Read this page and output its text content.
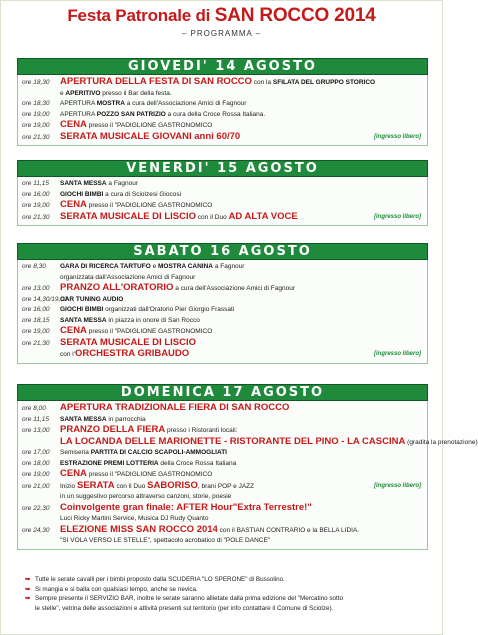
Festa Patronale di SAN ROCCO 2014
– PROGRAMMA –
GIOVEDI' 14 AGOSTO
ore 18,30 APERTURA DELLA FESTA DI SAN ROCCO con la SFILATA DEL GRUPPO STORICO
e APERITIVO presso il Bar della festa.
ore 18,30 APERTURA MOSTRA a cura dell'Associazione Amici di Fagnour
ore 19,00 APERTURA POZZO SAN PATRIZIO a cura della Croce Rossa Italiana.
ore 19,00 CENA presso il "PADIGLIONE GASTRONOMICO
ore 21,30 SERATA MUSICALE GIOVANI anni 60/70	[ingresso libero]
VENERDI' 15 AGOSTO
ore 11,15 SANTA MESSA a Fagnour
ore 16,00 GIOCHI BIMBI a cura di Sciolzesi Giocosi
ore 19,00 CENA presso il "PADIGLIONE GASTRONOMICO
ore 21,30 SERATA MUSICALE DI LISCIO con il Duo AD ALTA VOCE	[ingresso libero]
SABATO 16 AGOSTO
ore 8,30 GARA DI RICERCA TARTUFO e MOSTRA CANINA a Fagnour
organizzata dall'Associazione Amici di Fagnour
ore 13,00 PRANZO ALL'ORATORIO a cura dell'Associazione Amici di Fagnour
ore 14,30/19,00CAR TUNING AUDIO
ore 16,00 GIOCHI BIMBI organizzati dall'Oratorio Pier Giorgio Frassati
ore 18,15 SANTA MESSA in piazza in onore di San Rocco
ore 19,00 CENA presso il "PADIGLIONE GASTRONOMICO
ore 21,30 SERATA MUSICALE DI LISCIO
con l'ORCHESTRA GRIBAUDO	[ingresso libero]
DOMENICA 17 AGOSTO
ore 8,00 APERTURA TRADIZIONALE FIERA DI SAN ROCCO
ore 11,15 SANTA MESSA in parrocchia
ore 13,00 PRANZO DELLA FIERA presso i Ristoranti locali:
LA LOCANDA DELLE MARIONETTE - RISTORANTE DEL PINO - LA CASCINA (gradita la prenotazione)
ore 17,00 Semiseria PARTITA DI CALCIO SCAPOLI-AMMOGLIATI
ore 18,00 ESTRAZIONE PREMI LOTTERIA della Croce Rossa Italiana
ore 19,00 CENA presso il "PADIGLIONE GASTRONOMICO
ore 21,00 Inizio SERATA con il Duo SABORISO, brani POP e JAZZ	[ingresso libero]
in un suggestivo percorso attraverso canzoni, storie, poesie
ore 22,30 Coinvolgente gran finale: AFTER Hour"Extra Terrestre!"
Luci Ricky Martini Service, Musica DJ Rudy Quanto
ore 24,30 ELEZIONE MISS SAN ROCCO 2014 con il BASTIAN CONTRARIO e la BELLA LIDIA.
"SI VOLA VERSO LE STELLE", spettacolo acrobatico di "POLE DANCE"
➥ Tutte le serate cavalli per i bimbi proposto dalla SCUDERIA "LO SPERONE" di Bussolino.
➥ Si mangia e si balla con qualsiasi tempo, anche se nevica.
➥ Sempre presente il SERVIZIO BAR, inoltre le serate saranno allietate dalla prima edizione del "Mercatino sotto
le stelle", vetrina delle associazioni e attività presenti sul territorio (per info contattare il Comune di Sciolze).
